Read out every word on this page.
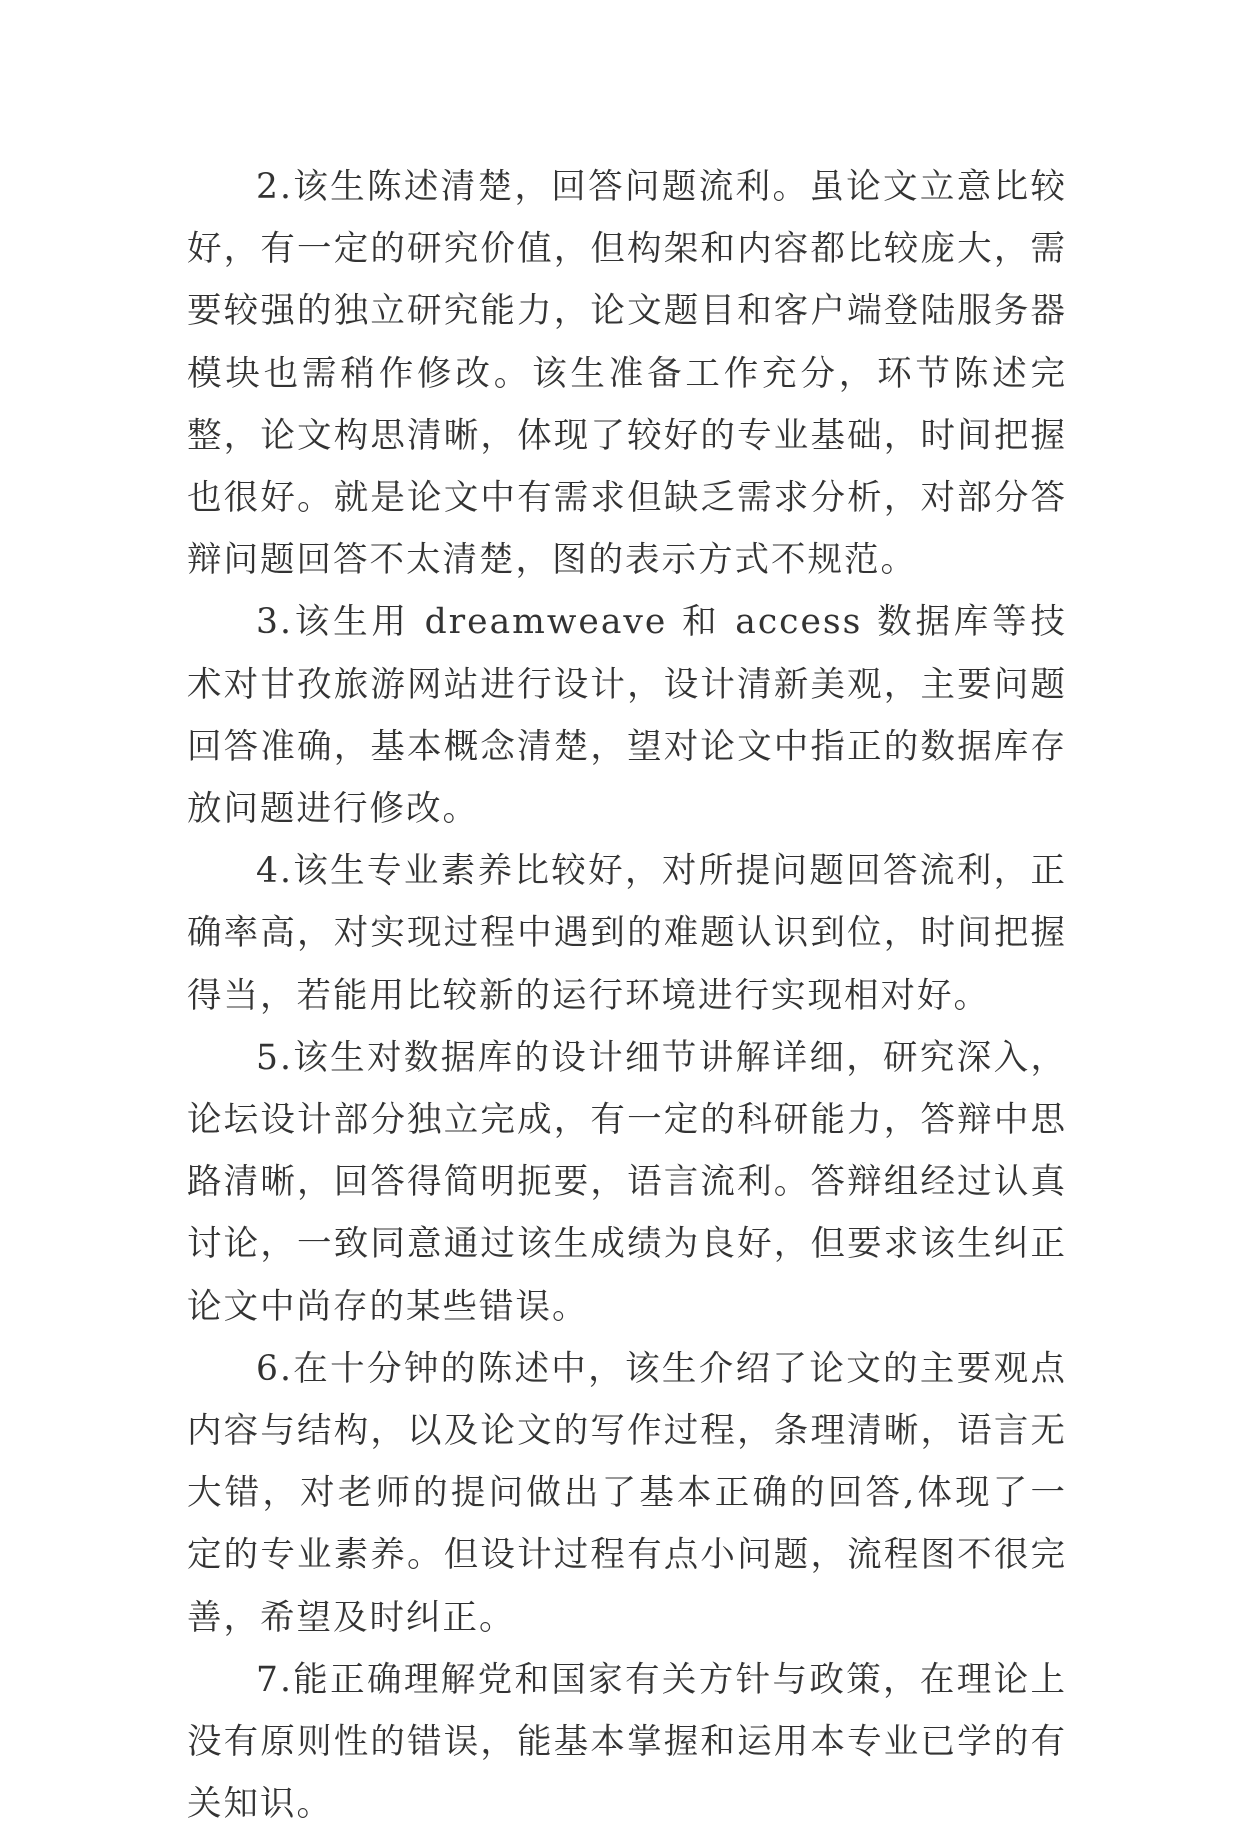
2.该生陈述清楚，回答问题流利。虽论文立意比较好，有一定的研究价值，但构架和内容都比较庞大，需要较强的独立研究能力，论文题目和客户端登陆服务器模块也需稍作修改。该生准备工作充分，环节陈述完整，论文构思清晰，体现了较好的专业基础，时间把握也很好。就是论文中有需求但缺乏需求分析，对部分答辩问题回答不太清楚，图的表示方式不规范。

3.该生用 dreamweave 和 access 数据库等技术对甘孜旅游网站进行设计，设计清新美观，主要问题回答准确，基本概念清楚，望对论文中指正的数据库存放问题进行修改。

4.该生专业素养比较好，对所提问题回答流利，正确率高，对实现过程中遇到的难题认识到位，时间把握得当，若能用比较新的运行环境进行实现相对好。

5.该生对数据库的设计细节讲解详细，研究深入，论坛设计部分独立完成，有一定的科研能力，答辩中思路清晰，回答得简明扼要，语言流利。答辩组经过认真讨论，一致同意通过该生成绩为良好，但要求该生纠正论文中尚存的某些错误。

6.在十分钟的陈述中，该生介绍了论文的主要观点内容与结构，以及论文的写作过程，条理清晰，语言无大错，对老师的提问做出了基本正确的回答,体现了一定的专业素养。但设计过程有点小问题，流程图不很完善，希望及时纠正。

7.能正确理解党和国家有关方针与政策，在理论上没有原则性的错误，能基本掌握和运用本专业已学的有关知识。
